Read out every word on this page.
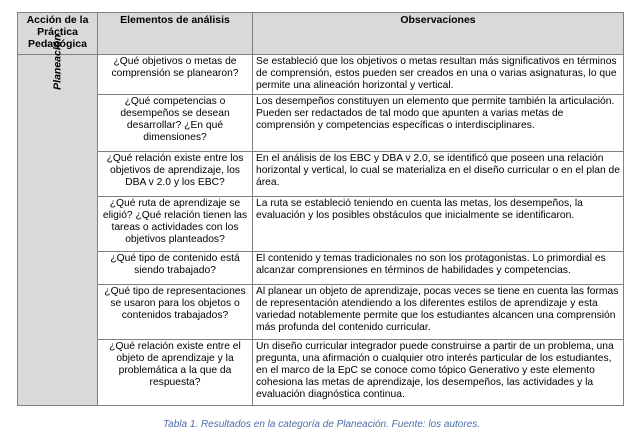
Acción de la Práctica Pedagógica	Elementos de análisis	Observaciones
Planeación	¿Qué objetivos o metas de comprensión se planearon?	Se estableció que los objetivos o metas resultan más significativos en términos de comprensión, estos pueden ser creados en una o varias asignaturas, lo que permite una alineación horizontal y vertical.
	¿Qué competencias o desempeños se desean desarrollar? ¿En qué dimensiones?	Los desempeños constituyen un elemento que permite también la articulación. Pueden ser redactados de tal modo que apunten a varias metas de comprensión y competencias específicas o interdisciplinares.
	¿Qué relación existe entre los objetivos de aprendizaje, los DBA v 2.0 y los EBC?	En el análisis de los EBC y DBA v 2.0, se identificó que poseen una relación horizontal y vertical, lo cual se materializa en el diseño curricular o en el plan de área.
	¿Qué ruta de aprendizaje se eligió? ¿Qué relación tienen las tareas o actividades con los objetivos planteados?	La ruta se estableció teniendo en cuenta las metas, los desempeños, la evaluación y los posibles obstáculos que inicialmente se identificaron.
	¿Qué tipo de contenido está siendo trabajado?	El contenido y temas tradicionales no son los protagonistas. Lo primordial es alcanzar comprensiones en términos de habilidades y competencias.
	¿Qué tipo de representaciones se usaron para los objetos o contenidos trabajados?	Al planear un objeto de aprendizaje, pocas veces se tiene en cuenta las formas de representación atendiendo a los diferentes estilos de aprendizaje y esta variedad notablemente permite que los estudiantes alcancen una comprensión más profunda del contenido curricular.
	¿Qué relación existe entre el objeto de aprendizaje y la problemática a la que da respuesta?	Un diseño curricular integrador puede construirse a partir de un problema, una pregunta, una afirmación o cualquier otro interés particular de los estudiantes, en el marco de la EpC se conoce como tópico Generativo y este elemento cohesiona las metas de aprendizaje, los desempeños, las actividades y la evaluación diagnóstica continua.
Tabla 1. Resultados en la categoría de Planeación. Fuente: los autores.
